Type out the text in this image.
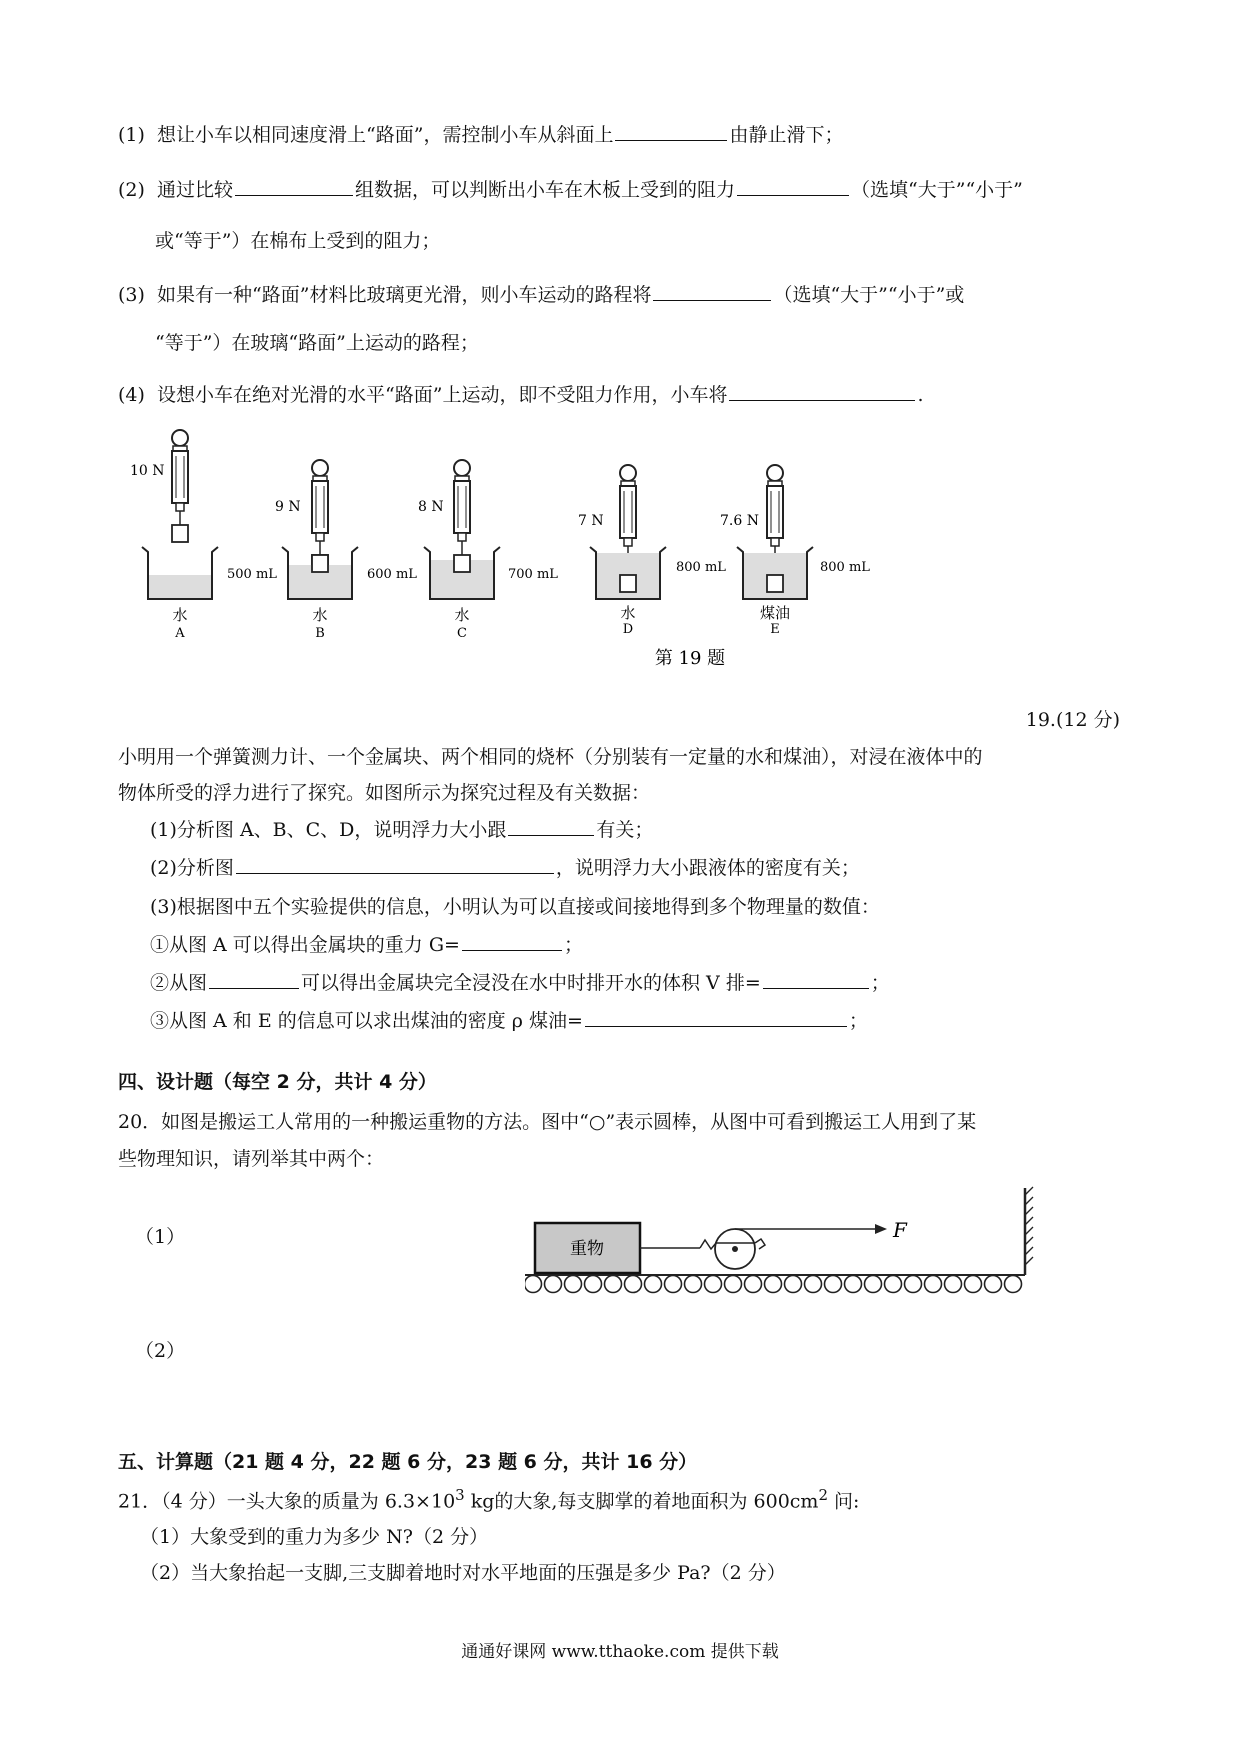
(1) 想让小车以相同速度滑上“路面”，需控制小车从斜面上	由静止滑下；
(2) 通过比较	组数据，可以判断出小车在木板上受到的阻力	（选填“大于”“小于”
或“等于”）在棉布上受到的阻力；
(3) 如果有一种“路面”材料比玻璃更光滑，则小车运动的路程将	（选填“大于”“小于”或
“等于”）在玻璃“路面”上运动的路程；
(4) 设想小车在绝对光滑的水平“路面”上运动，即不受阻力作用，小车将	.
10 N
500 mL
水
A
9 N
600 mL
水
B
8 N
700 mL
水
C
7 N
800 mL
水
D
7.6 N
800 mL
煤油
E
第 19 题
19.(12 分)
小明用一个弹簧测力计、一个金属块、两个相同的烧杯（分别装有一定量的水和煤油），对浸在液体中的
物体所受的浮力进行了探究。如图所示为探究过程及有关数据：
(1)分析图 A、B、C、D，说明浮力大小跟	有关；
(2)分析图	，说明浮力大小跟液体的密度有关；
(3)根据图中五个实验提供的信息，小明认为可以直接或间接地得到多个物理量的数值：
①从图 A 可以得出金属块的重力 G=	；
②从图	可以得出金属块完全浸没在水中时排开水的体积 V 排=	；
③从图 A 和 E 的信息可以求出煤油的密度 ρ 煤油=	；
四、设计题（每空 2 分，共计 4 分）
20．如图是搬运工人常用的一种搬运重物的方法。图中“○”表示圆棒，从图中可看到搬运工人用到了某
些物理知识，请列举其中两个：
（1）
（2）
重物
F
五、计算题（21 题 4 分，22 题 6 分，23 题 6 分，共计 16 分）
21．（4 分）一头大象的质量为 $6.3\times 10^3$ kg的大象,每支脚掌的着地面积为 $600cm^2$ 问:
（1）大象受到的重力为多少 N?（2 分）
（2）当大象抬起一支脚,三支脚着地时对水平地面的压强是多少 Pa?（2 分）
通通好课网 www.tthaoke.com 提供下载
